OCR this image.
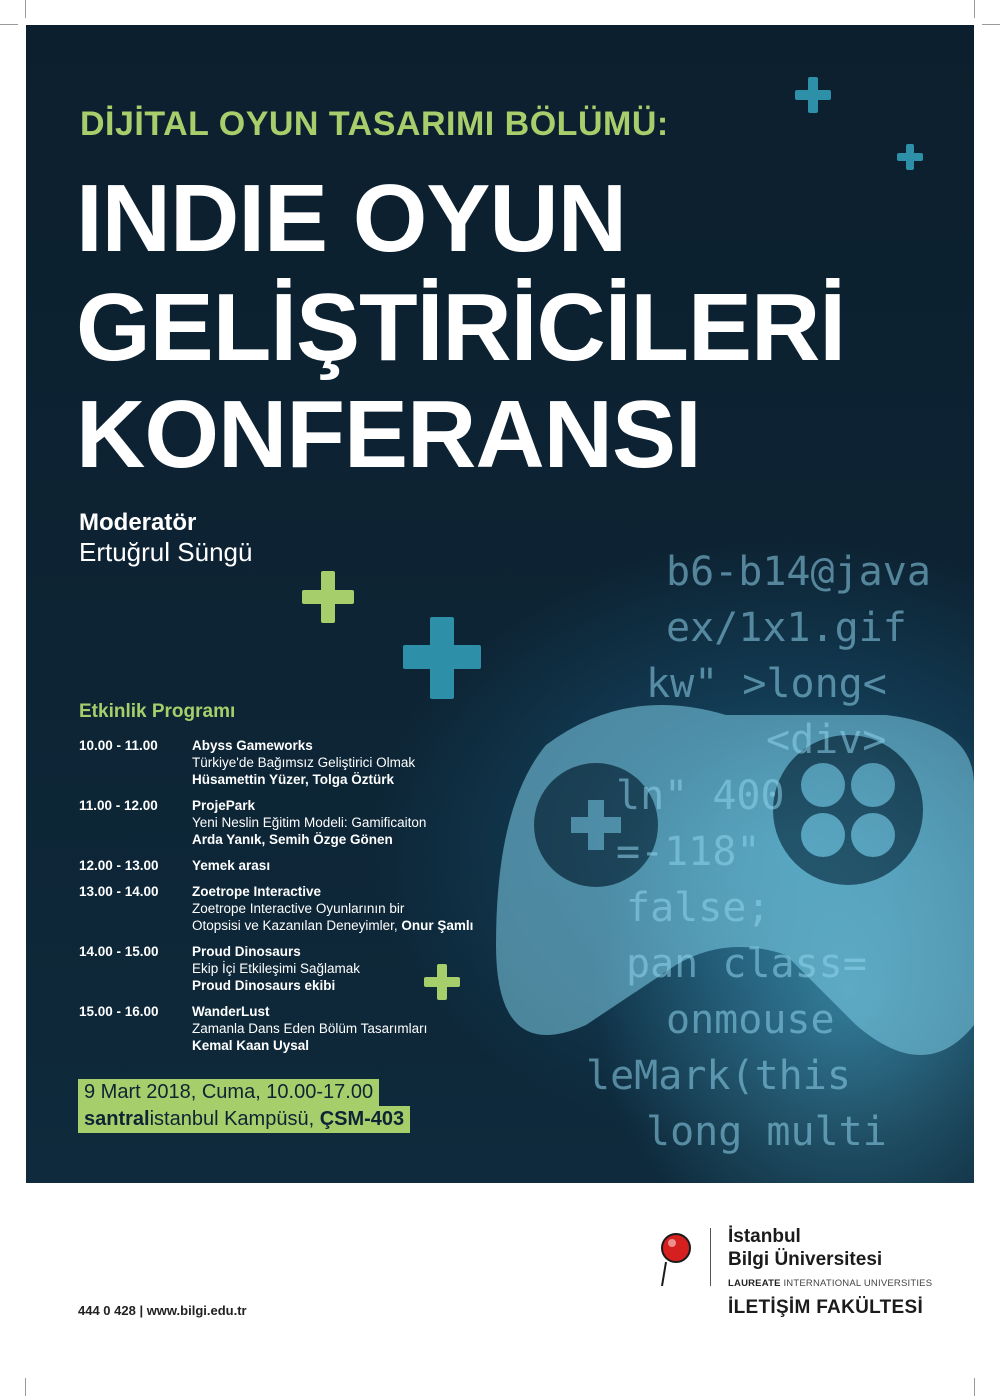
b6-b14@java
ex/1x1.gif
kw" >long<
<div>
ln" 400
=-118"
false;
pan class=
onmouse
leMark(this
long multi
DİJİTAL OYUN TASARIMI BÖLÜMÜ:
INDIE OYUN
GELİŞTİRİCİLERİ
KONFERANSI
Moderatör
Ertuğrul Süngü
Etkinlik Programı
10.00 - 11.00	Abyss Gameworks
Türkiye'de Bağımsız Geliştirici Olmak
Hüsamettin Yüzer, Tolga Öztürk
11.00 - 12.00	ProjePark
Yeni Neslin Eğitim Modeli: Gamificaiton
Arda Yanık, Semih Özge Gönen
12.00 - 13.00	Yemek arası
13.00 - 14.00	Zoetrope Interactive
Zoetrope Interactive Oyunlarının bir
Otopsisi ve Kazanılan Deneyimler, Onur Şamlı
14.00 - 15.00	Proud Dinosaurs
Ekip İçi Etkileşimi Sağlamak
Proud Dinosaurs ekibi
15.00 - 16.00	WanderLust
Zamanla Dans Eden Bölüm Tasarımları
Kemal Kaan Uysal
9 Mart 2018, Cuma, 10.00-17.00
santralistanbul Kampüsü, ÇSM-403
444 0 428 | www.bilgi.edu.tr
İstanbul
Bilgi Üniversitesi
LAUREATE INTERNATIONAL UNIVERSITIES
İLETİŞİM FAKÜLTESİ
